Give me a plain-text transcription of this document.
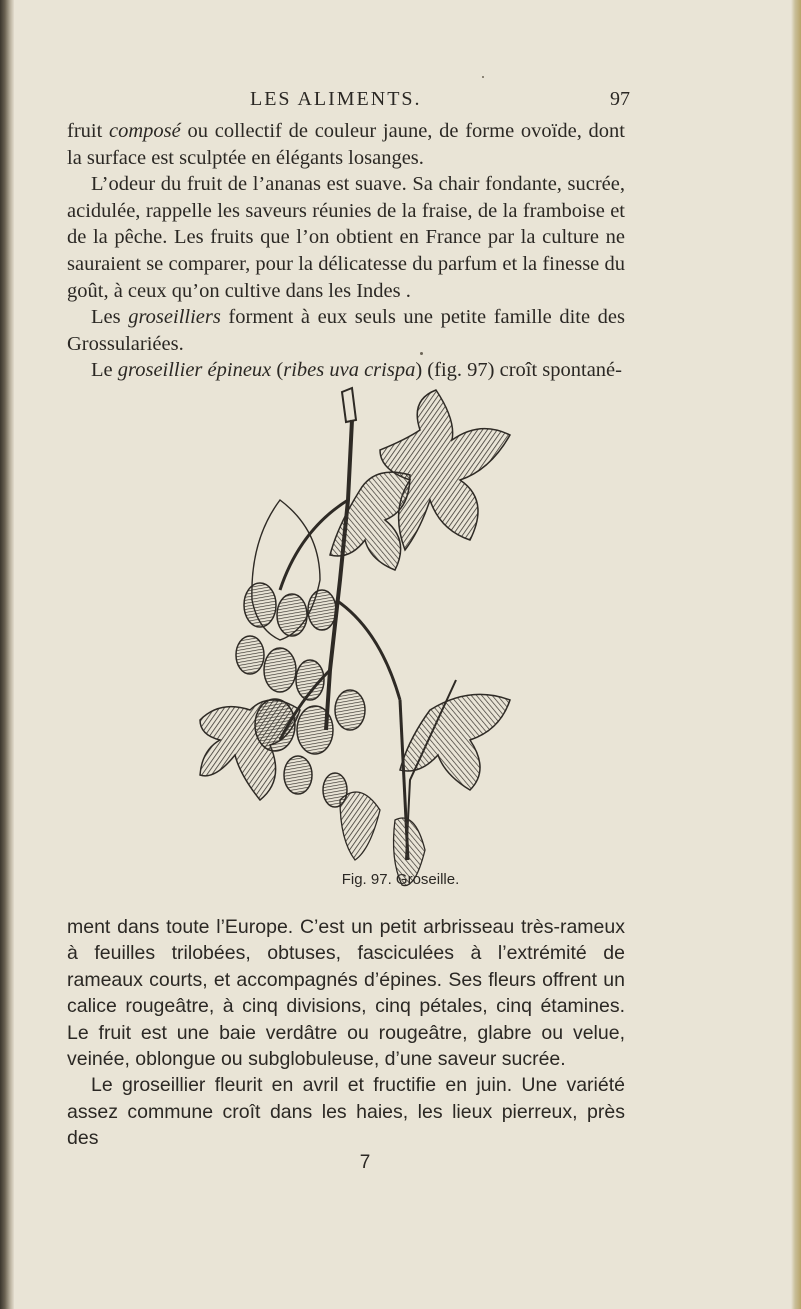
LES ALIMENTS.	97

fruit composé ou collectif de couleur jaune, de forme ovoïde, dont la surface est sculptée en élégants losanges.

L’odeur du fruit de l’ananas est suave. Sa chair fondante, sucrée, acidulée, rappelle les saveurs réunies de la fraise, de la framboise et de la pêche. Les fruits que l’on obtient en France par la culture ne sauraient se comparer, pour la délicatesse du parfum et la finesse du goût, à ceux qu’on cultive dans les Indes .

Les groseilliers forment à eux seuls une petite famille dite des Grossulariées.

Le groseillier épineux (ribes uva crispa) (fig. 97) croît spontané-

Fig. 97. Groseille.

ment dans toute l’Europe. C’est un petit arbrisseau très-rameux à feuilles trilobées, obtuses, fasciculées à l’extrémité de rameaux courts, et accompagnés d’épines. Ses fleurs offrent un calice rougeâtre, à cinq divisions, cinq pétales, cinq étamines. Le fruit est une baie verdâtre ou rougeâtre, glabre ou velue, veinée, oblongue ou subglobuleuse, d’une saveur sucrée.

Le groseillier fleurit en avril et fructifie en juin. Une variété assez commune croît dans les haies, les lieux pierreux, près des

7
